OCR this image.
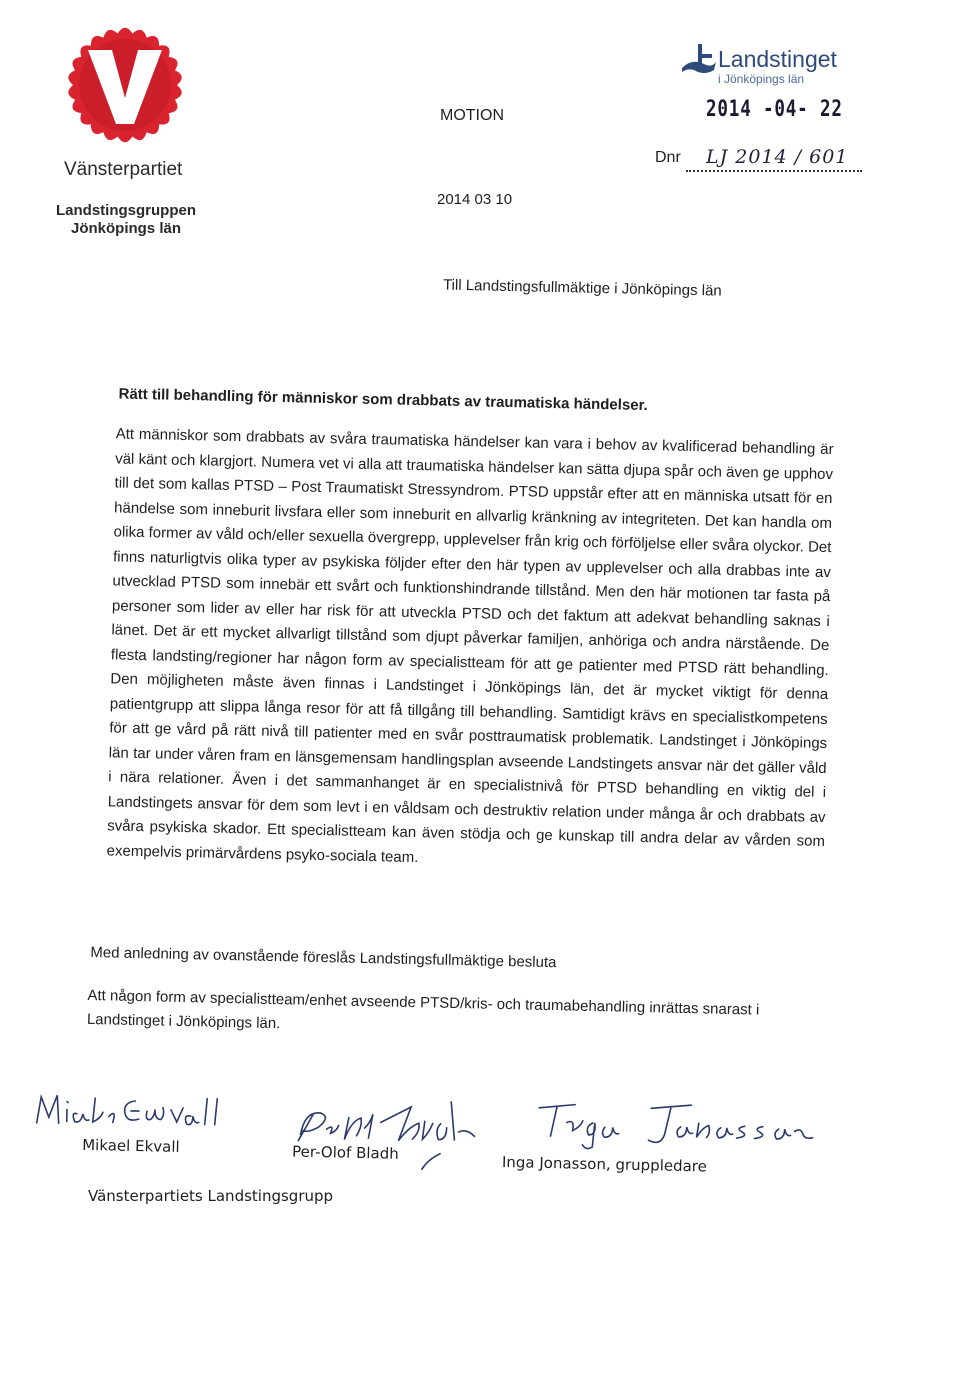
Vänsterpartiet
Landstingsgruppen
Jönköpings län
MOTION
2014 03 10
Landstinget
i Jönköpings län
2014 -04- 22
Dnr LJ 2014 / 601
Till Landstingsfullmäktige i Jönköpings län
Rätt till behandling för människor som drabbats av traumatiska händelser.
Att människor som drabbats av svåra traumatiska händelser kan vara i behov av kvalificerad behandling är väl känt och klargjort. Numera vet vi alla att traumatiska händelser kan sätta djupa spår och även ge upphov till det som kallas PTSD – Post Traumatiskt Stressyndrom. PTSD uppstår efter att en människa utsatt för en händelse som inneburit livsfara eller som inneburit en allvarlig kränkning av integriteten. Det kan handla om olika former av våld och/eller sexuella övergrepp, upplevelser från krig och förföljelse eller svåra olyckor. Det finns naturligtvis olika typer av psykiska följder efter den här typen av upplevelser och alla drabbas inte av utvecklad PTSD som innebär ett svårt och funktionshindrande tillstånd. Men den här motionen tar fasta på personer som lider av eller har risk för att utveckla PTSD och det faktum att adekvat behandling saknas i länet. Det är ett mycket allvarligt tillstånd som djupt påverkar familjen, anhöriga och andra närstående. De flesta landsting/regioner har någon form av specialistteam för att ge patienter med PTSD rätt behandling. Den möjligheten måste även finnas i Landstinget i Jönköpings län, det är mycket viktigt för denna patientgrupp att slippa långa resor för att få tillgång till behandling. Samtidigt krävs en specialistkompetens för att ge vård på rätt nivå till patienter med en svår posttraumatisk problematik. Landstinget i Jönköpings län tar under våren fram en länsgemensam handlingsplan avseende Landstingets ansvar när det gäller våld i nära relationer. Även i det sammanhanget är en specialistnivå för PTSD behandling en viktig del i Landstingets ansvar för dem som levt i en våldsam och destruktiv relation under många år och drabbats av svåra psykiska skador. Ett specialistteam kan även stödja och ge kunskap till andra delar av vården som exempelvis primärvårdens psyko-sociala team.
Med anledning av ovanstående föreslås Landstingsfullmäktige besluta
Att någon form av specialistteam/enhet avseende PTSD/kris- och traumabehandling inrättas snarast i Landstinget i Jönköpings län.
Mikael Ekvall	Per-Olof Bladh
Inga Jonasson, gruppledare
Vänsterpartiets Landstingsgrupp
